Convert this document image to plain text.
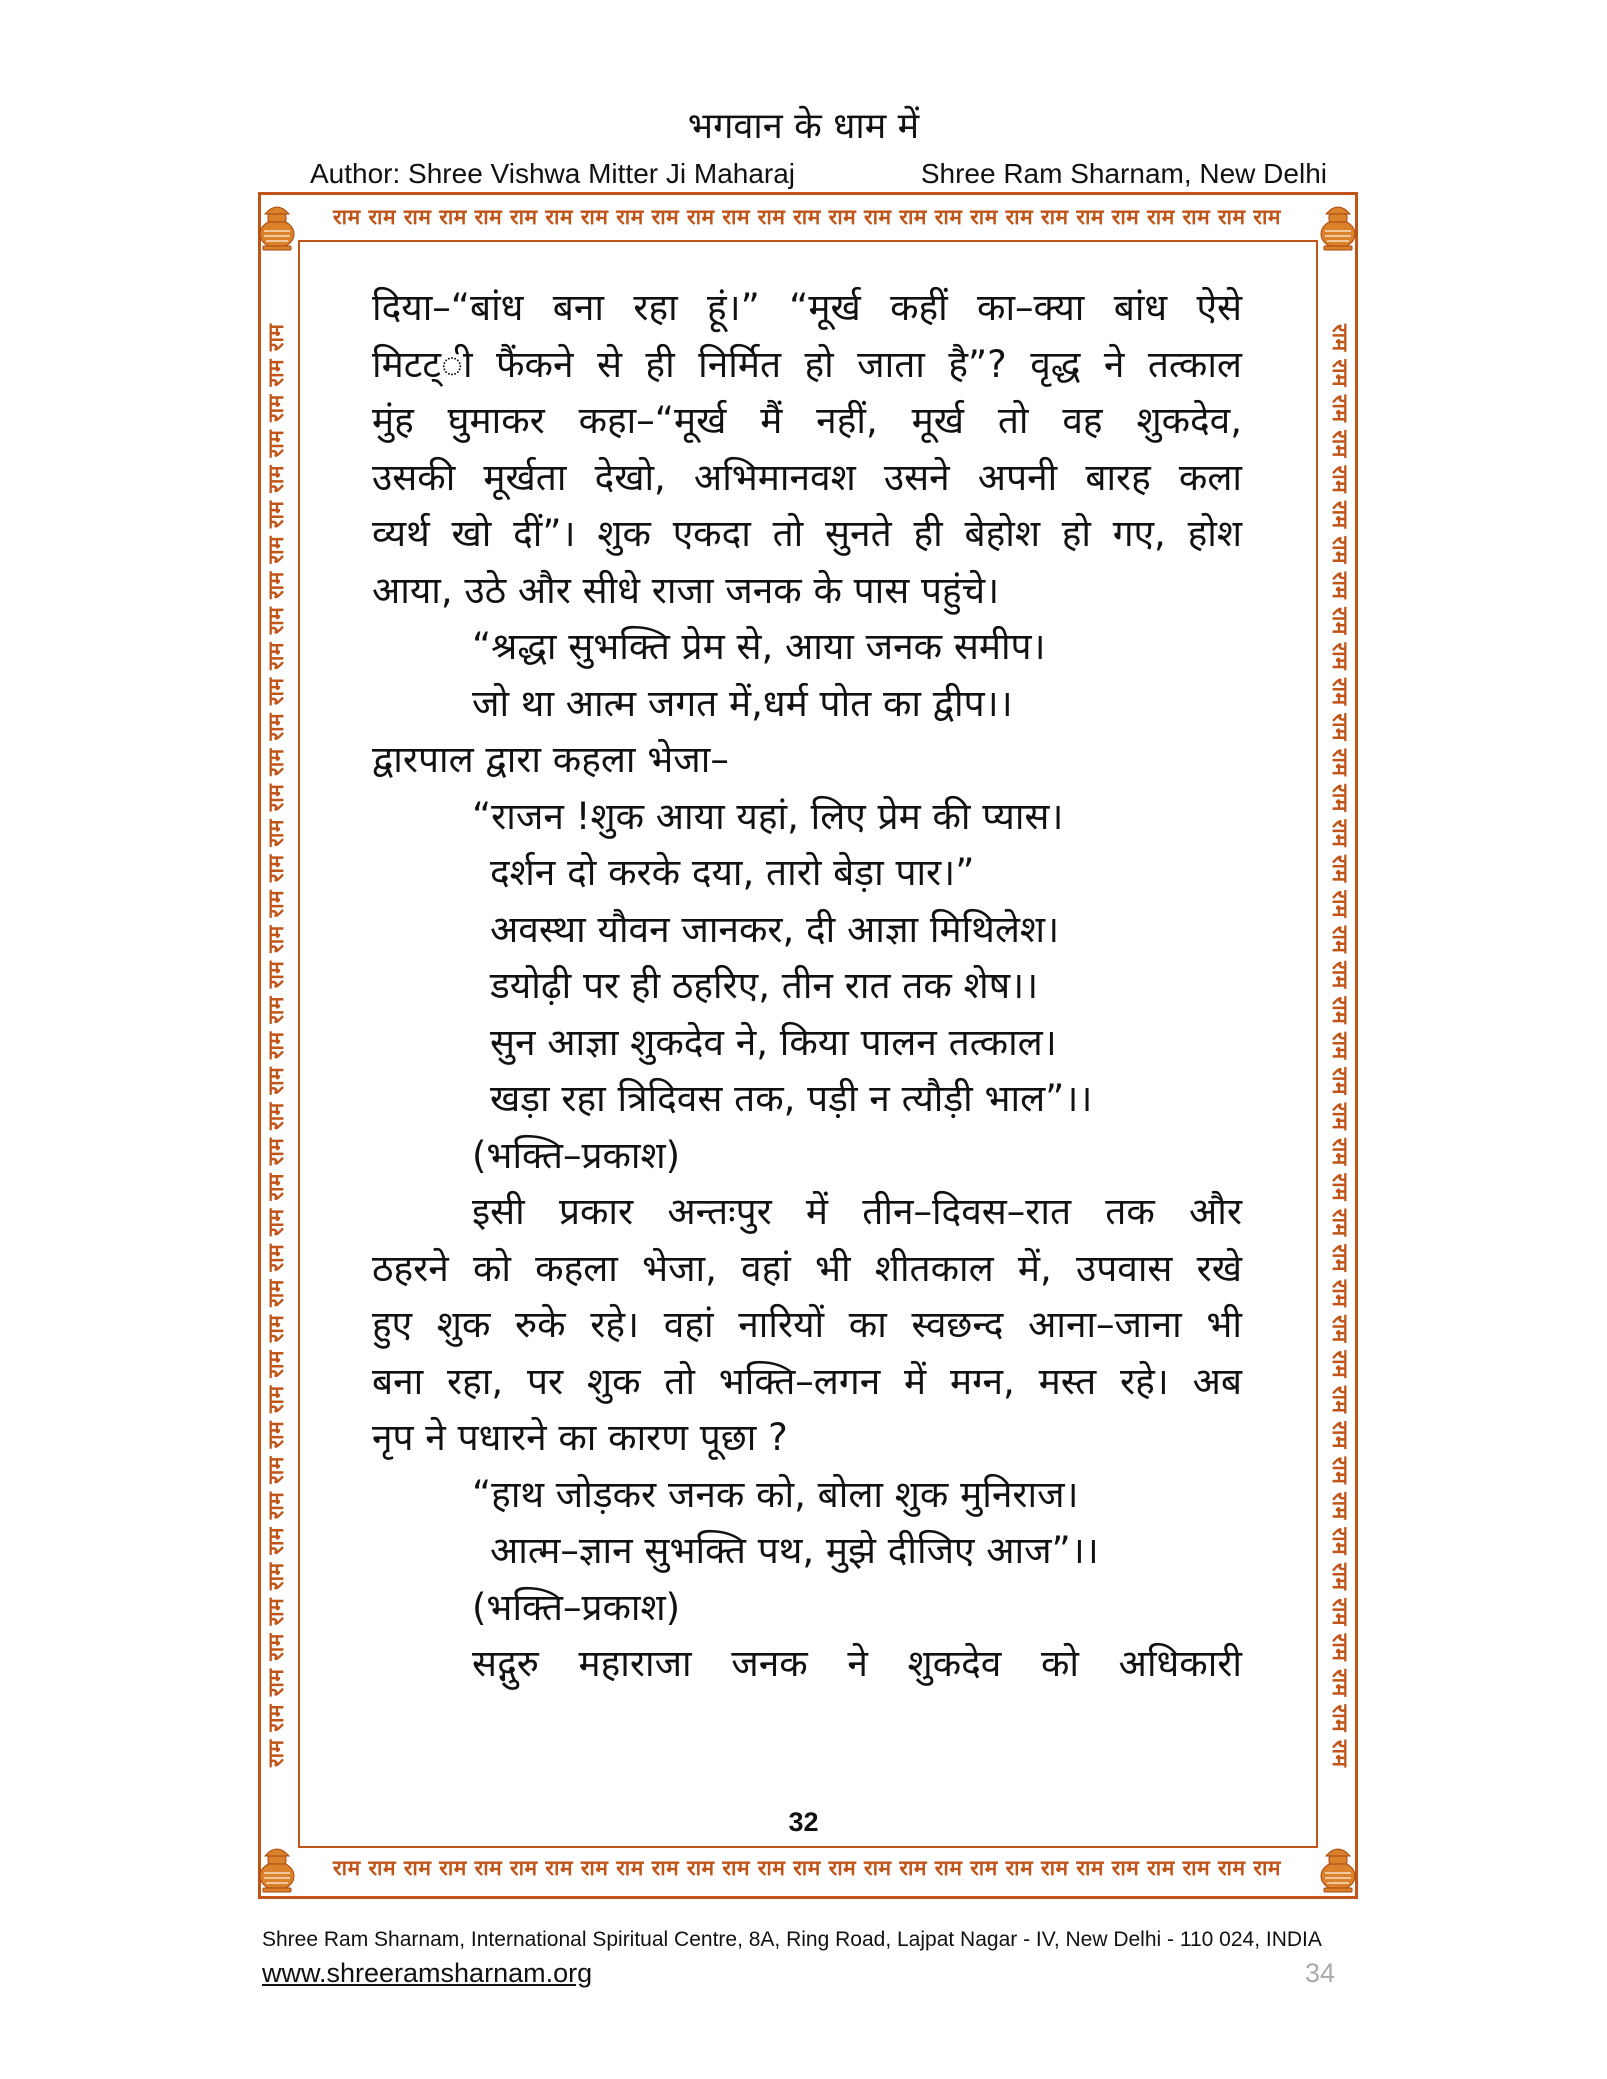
भगवान के धाम में
Author: Shree Vishwa Mitter Ji Maharaj	Shree Ram Sharnam, New Delhi
राम राम राम राम राम राम राम राम राम राम राम राम राम राम राम राम राम राम राम राम राम राम राम राम राम राम राम
राम राम राम राम राम राम राम राम राम राम राम राम राम राम राम राम राम राम राम राम राम राम राम राम राम राम राम
राम राम राम राम राम राम राम राम राम राम राम राम राम राम राम राम राम राम राम राम राम राम राम राम राम राम राम राम राम राम राम राम राम राम राम राम राम राम राम राम राम	राम राम राम राम राम राम राम राम राम राम राम राम राम राम राम राम राम राम राम राम राम राम राम राम राम राम राम राम राम राम राम राम राम राम राम राम राम राम राम राम राम

दिया–“बांध बना रहा हूं।” “मूर्ख कहीं का–क्या बांध ऐसे

मिटट्ी फैंकने से ही निर्मित हो जाता है”? वृद्ध ने तत्काल

मुंह घुमाकर कहा–“मूर्ख मैं नहीं, मूर्ख तो वह शुकदेव,

उसकी मूर्खता देखो, अभिमानवश उसने अपनी बारह कला

व्यर्थ खो दीं”। शुक एकदा तो सुनते ही बेहोश हो गए, होश

आया, उठे और सीधे राजा जनक के पास पहुंचे।

“श्रद्धा सुभक्ति प्रेम से, आया जनक समीप।

जो था आत्म जगत में,धर्म पोत का द्वीप।।

द्वारपाल द्वारा कहला भेजा–

“राजन !शुक आया यहां, लिए प्रेम की प्यास।

दर्शन दो करके दया, तारो बेड़ा पार।”

अवस्था यौवन जानकर, दी आज्ञा मिथिलेश।

डयोढ़ी पर ही ठहरिए, तीन रात तक शेष।।

सुन आज्ञा शुकदेव ने, किया पालन तत्काल।

खड़ा रहा त्रिदिवस तक, पड़ी न त्यौड़ी भाल”।।

(भक्ति–प्रकाश)

इसी प्रकार अन्तःपुर में तीन–दिवस–रात तक और

ठहरने को कहला भेजा, वहां भी शीतकाल में, उपवास रखे

हुए शुक रुके रहे। वहां नारियों का स्वछन्द आना–जाना भी

बना रहा, पर शुक तो भक्ति–लगन में मग्न, मस्त रहे। अब

नृप ने पधारने का कारण पूछा ?

“हाथ जोड़कर जनक को, बोला शुक मुनिराज।

आत्म–ज्ञान सुभक्ति पथ, मुझे दीजिए आज”।।

(भक्ति–प्रकाश)

सद्गुरु महाराजा जनक ने शुकदेव को अधिकारी

32
Shree Ram Sharnam, International Spiritual Centre, 8A, Ring Road, Lajpat Nagar - IV, New Delhi - 110 024, INDIA
www.shreeramsharnam.org	34
